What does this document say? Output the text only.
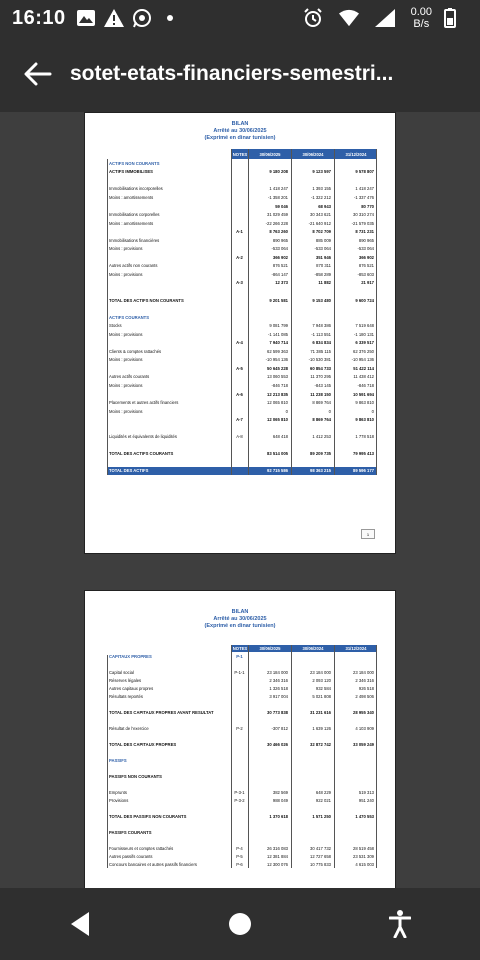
16:10	0.00
B/s
sotet-etats-financiers-semestri...
BILAN
Arrêté au 30/06/2025
(Exprimé en dinar tunisien)
NOTES	30/06/2025	30/06/2024	31/12/2024
ACTIFS NON COURANTS
ACTIFS IMMOBILISES	9 180 208	9 123 597	9 578 807
Immobilisations incorporelles	1 418 247	1 393 155	1 418 247
Moins : amortissements	-1 358 201	-1 322 212	-1 337 476
59 046	68 943	80 770
Immobilisations corporelles	31 029 459	30 343 621	30 310 274
Moins : amortissements	-22 266 228	-21 640 912	-21 579 035
A-1	8 763 260	8 702 709	8 731 231
Immobilisations financières	890 965	885 009	890 965
Moins : provisions	-533 064	-533 064	-533 064
A-2	366 902	351 946	366 902
Autres actifs non courants	876 521	870 311	876 521
Moins : provisions	-864 147	-858 289	-853 603
A-3	12 373	11 882	21 917
TOTAL DES ACTIFS NON COURANTS	9 201 581	9 153 480	9 600 724
ACTIFS COURANTS
Stocks	9 081 799	7 948 386	7 519 648
Moins : provisions	-1 141 085	-1 113 551	-1 180 131
A-4	7 940 714	6 834 834	6 339 517
Clients & comptes rattachés	62 599 363	71 385 115	62 376 250
Moins : provisions	-10 954 136	-10 530 381	-10 954 136
A-5	50 645 228	60 854 733	51 422 114
Autres actifs courants	13 060 553	11 370 295	11 438 412
Moins : provisions	-846 718	-843 145	-846 718
A-6	12 213 835	11 238 150	10 591 694
Placements et autres actifs financiers	12 065 810	8 869 764	9 863 810
Moins : provisions	0	0	0
A-7	12 065 810	8 869 764	9 863 810
Liquidités et équivalents de liquidités	A-8	648 418	1 412 253	1 778 518
TOTAL DES ACTIFS COURANTS	83 514 005	89 209 735	79 995 413
TOTAL DES ACTIFS	92 715 586	98 363 215	89 596 177
1
BILAN
Arrêté au 30/06/2025
(Exprimé en dinar tunisien)
NOTES	30/06/2025	30/06/2024	31/12/2024
CAPITAUX PROPRES	P-1
Capital social	P-1-1	23 184 000	23 184 000	23 184 000
Réserves légales	2 346 316	2 093 120	2 346 316
Autres capitaux propres	1 326 518	932 584	926 518
Résultats reportés	3 917 004	5 021 808	2 498 506
TOTAL DES CAPITAUX PROPRES AVANT RESULTAT	30 773 838	31 231 616	28 955 340
Résultat de l'exercice	P-2	-307 812	1 639 126	4 103 909
TOTAL DES CAPITAUX PROPRES	30 466 026	32 872 742	33 059 249
PASSIFS
PASSIFS NON COURANTS
Emprunts	P-3-1	382 569	648 229	519 313
Provisions	P-3-2	988 049	922 021	951 240
TOTAL DES PASSIFS NON COURANTS	1 370 618	1 571 250	1 470 553
PASSIFS COURANTS
Fournisseurs et comptes rattachés	P-4	26 316 083	30 417 732	28 519 458
Autres passifs courants	P-5	12 381 884	12 727 658	23 531 309
Concours bancaires et autres passifs financiers	P-6	12 300 076	10 775 833	4 615 003
